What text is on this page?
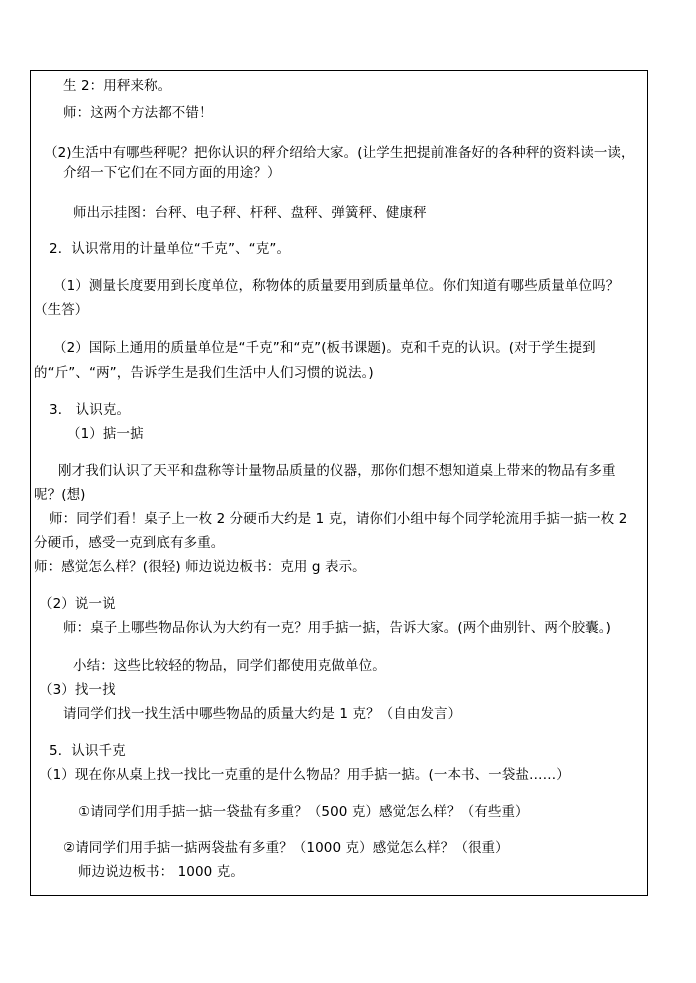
生 2：用秤来称。
师：这两个方法都不错！
（2)生活中有哪些秤呢？把你认识的秤介绍给大家。(让学生把提前准备好的各种秤的资料读一读，
介绍一下它们在不同方面的用途？）
师出示挂图：台秤、电子秤、杆秤、盘秤、弹簧秤、健康秤
2．认识常用的计量单位“千克”、“克”。
（1）测量长度要用到长度单位，称物体的质量要用到质量单位。你们知道有哪些质量单位吗？
（生答）
（2）国际上通用的质量单位是“千克”和“克”(板书课题)。克和千克的认识。(对于学生提到
的“斤”、“两”，告诉学生是我们生活中人们习惯的说法。)
3． 认识克。
（1）掂一掂
刚才我们认识了天平和盘称等计量物品质量的仪器，那你们想不想知道桌上带来的物品有多重
呢？(想)
师：同学们看！桌子上一枚 2 分硬币大约是 1 克，请你们小组中每个同学轮流用手掂一掂一枚 2
分硬币，感受一克到底有多重。
师：感觉怎么样？(很轻) 师边说边板书：克用 g 表示。
（2）说一说
师：桌子上哪些物品你认为大约有一克？用手掂一掂，告诉大家。(两个曲别针、两个胶囊。)
小结：这些比较轻的物品，同学们都使用克做单位。
（3）找一找
请同学们找一找生活中哪些物品的质量大约是 1 克？（自由发言）
5．认识千克
（1）现在你从桌上找一找比一克重的是什么物品？用手掂一掂。(一本书、一袋盐……）
①请同学们用手掂一掂一袋盐有多重？（500 克）感觉怎么样？（有些重）
②请同学们用手掂一掂两袋盐有多重？（1000 克）感觉怎么样？（很重）
师边说边板书： 1000 克。
